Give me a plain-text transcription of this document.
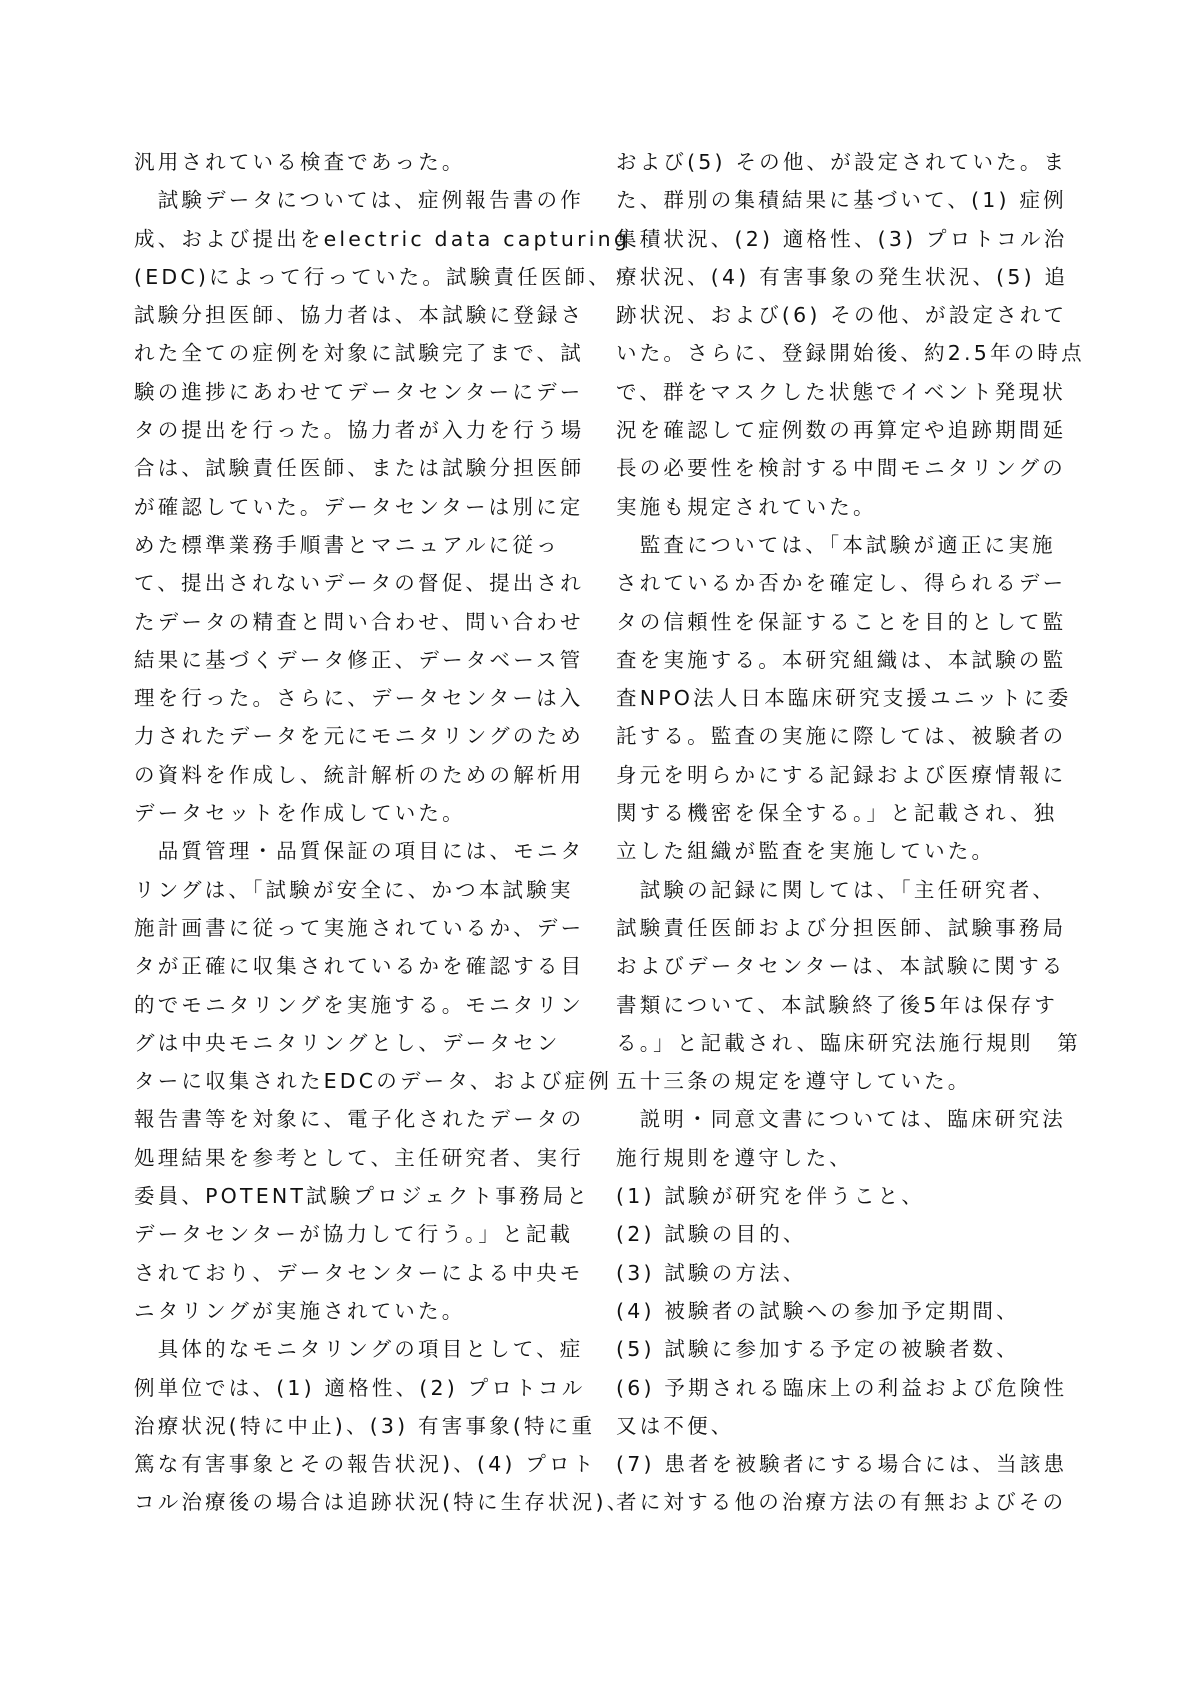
汎用されている検査であった。
　試験データについては、症例報告書の作
成、および提出をelectric data capturing
(EDC)によって行っていた。試験責任医師、
試験分担医師、協力者は、本試験に登録さ
れた全ての症例を対象に試験完了まで、試
験の進捗にあわせてデータセンターにデー
タの提出を行った。協力者が入力を行う場
合は、試験責任医師、または試験分担医師
が確認していた。データセンターは別に定
めた標準業務手順書とマニュアルに従っ
て、提出されないデータの督促、提出され
たデータの精査と問い合わせ、問い合わせ
結果に基づくデータ修正、データベース管
理を行った。さらに、データセンターは入
力されたデータを元にモニタリングのため
の資料を作成し、統計解析のための解析用
データセットを作成していた。
　品質管理・品質保証の項目には、モニタ
リングは、「試験が安全に、かつ本試験実
施計画書に従って実施されているか、デー
タが正確に収集されているかを確認する目
的でモニタリングを実施する。モニタリン
グは中央モニタリングとし、データセン
ターに収集されたEDCのデータ、および症例
報告書等を対象に、電子化されたデータの
処理結果を参考として、主任研究者、実行
委員、POTENT試験プロジェクト事務局と
データセンターが協力して行う。」と記載
されており、データセンターによる中央モ
ニタリングが実施されていた。
　具体的なモニタリングの項目として、症
例単位では、(1) 適格性、(2) プロトコル
治療状況(特に中止)、(3) 有害事象(特に重
篤な有害事象とその報告状況)、(4) プロト
コル治療後の場合は追跡状況(特に生存状況)、
および(5) その他、が設定されていた。ま
た、群別の集積結果に基づいて、(1) 症例
集積状況、(2) 適格性、(3) プロトコル治
療状況、(4) 有害事象の発生状況、(5) 追
跡状況、および(6) その他、が設定されて
いた。さらに、登録開始後、約2.5年の時点
で、群をマスクした状態でイベント発現状
況を確認して症例数の再算定や追跡期間延
長の必要性を検討する中間モニタリングの
実施も規定されていた。
　監査については、「本試験が適正に実施
されているか否かを確定し、得られるデー
タの信頼性を保証することを目的として監
査を実施する。本研究組織は、本試験の監
査NPO法人日本臨床研究支援ユニットに委
託する。監査の実施に際しては、被験者の
身元を明らかにする記録および医療情報に
関する機密を保全する。」と記載され、独
立した組織が監査を実施していた。
　試験の記録に関しては、「主任研究者、
試験責任医師および分担医師、試験事務局
およびデータセンターは、本試験に関する
書類について、本試験終了後5年は保存す
る。」と記載され、臨床研究法施行規則　第
五十三条の規定を遵守していた。
　説明・同意文書については、臨床研究法
施行規則を遵守した、
(1) 試験が研究を伴うこと、
(2) 試験の目的、
(3) 試験の方法、
(4) 被験者の試験への参加予定期間、
(5) 試験に参加する予定の被験者数、
(6) 予期される臨床上の利益および危険性
又は不便、
(7) 患者を被験者にする場合には、当該患
者に対する他の治療方法の有無およびその
